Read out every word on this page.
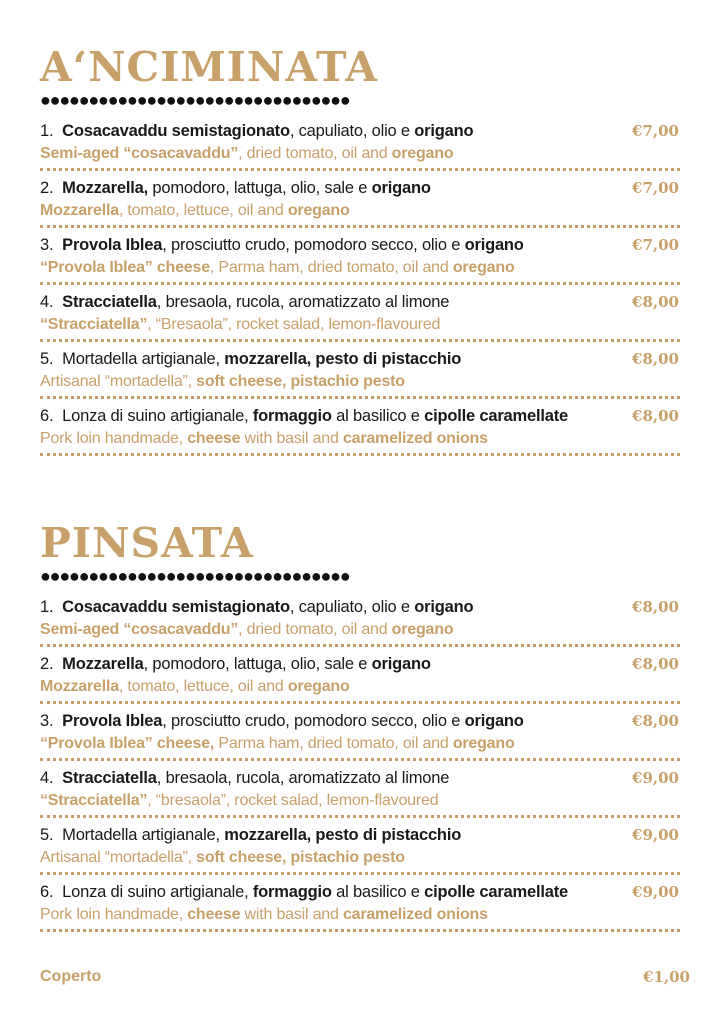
A‘NCIMINATA
●●●●●●●●●●●●●●●●●●●●●●●●●●●●●●●●
1. Cosacavaddu semistagionato, capuliato, olio e origano	€7,00
Semi-aged “cosacavaddu”, dried tomato, oil and oregano
2. Mozzarella, pomodoro, lattuga, olio, sale e origano	€7,00
Mozzarella, tomato, lettuce, oil and oregano
3. Provola Iblea, prosciutto crudo, pomodoro secco, olio e origano	€7,00
“Provola Iblea” cheese, Parma ham, dried tomato, oil and oregano
4. Stracciatella, bresaola, rucola, aromatizzato al limone	€8,00
“Stracciatella”, “Bresaola”, rocket salad, lemon-flavoured
5. Mortadella artigianale, mozzarella, pesto di pistacchio	€8,00
Artisanal “mortadella”, soft cheese, pistachio pesto
6. Lonza di suino artigianale, formaggio al basilico e cipolle caramellate	€8,00
Pork loin handmade, cheese with basil and caramelized onions
PINSATA
●●●●●●●●●●●●●●●●●●●●●●●●●●●●●●●●
1. Cosacavaddu semistagionato, capuliato, olio e origano	€8,00
Semi-aged “cosacavaddu”, dried tomato, oil and oregano
2. Mozzarella, pomodoro, lattuga, olio, sale e origano	€8,00
Mozzarella, tomato, lettuce, oil and oregano
3. Provola Iblea, prosciutto crudo, pomodoro secco, olio e origano	€8,00
“Provola Iblea” cheese, Parma ham, dried tomato, oil and oregano
4. Stracciatella, bresaola, rucola, aromatizzato al limone	€9,00
“Stracciatella”, “bresaola”, rocket salad, lemon-flavoured
5. Mortadella artigianale, mozzarella, pesto di pistacchio	€9,00
Artisanal “mortadella”, soft cheese, pistachio pesto
6. Lonza di suino artigianale, formaggio al basilico e cipolle caramellate	€9,00
Pork loin handmade, cheese with basil and caramelized onions
Coperto	€1,00
